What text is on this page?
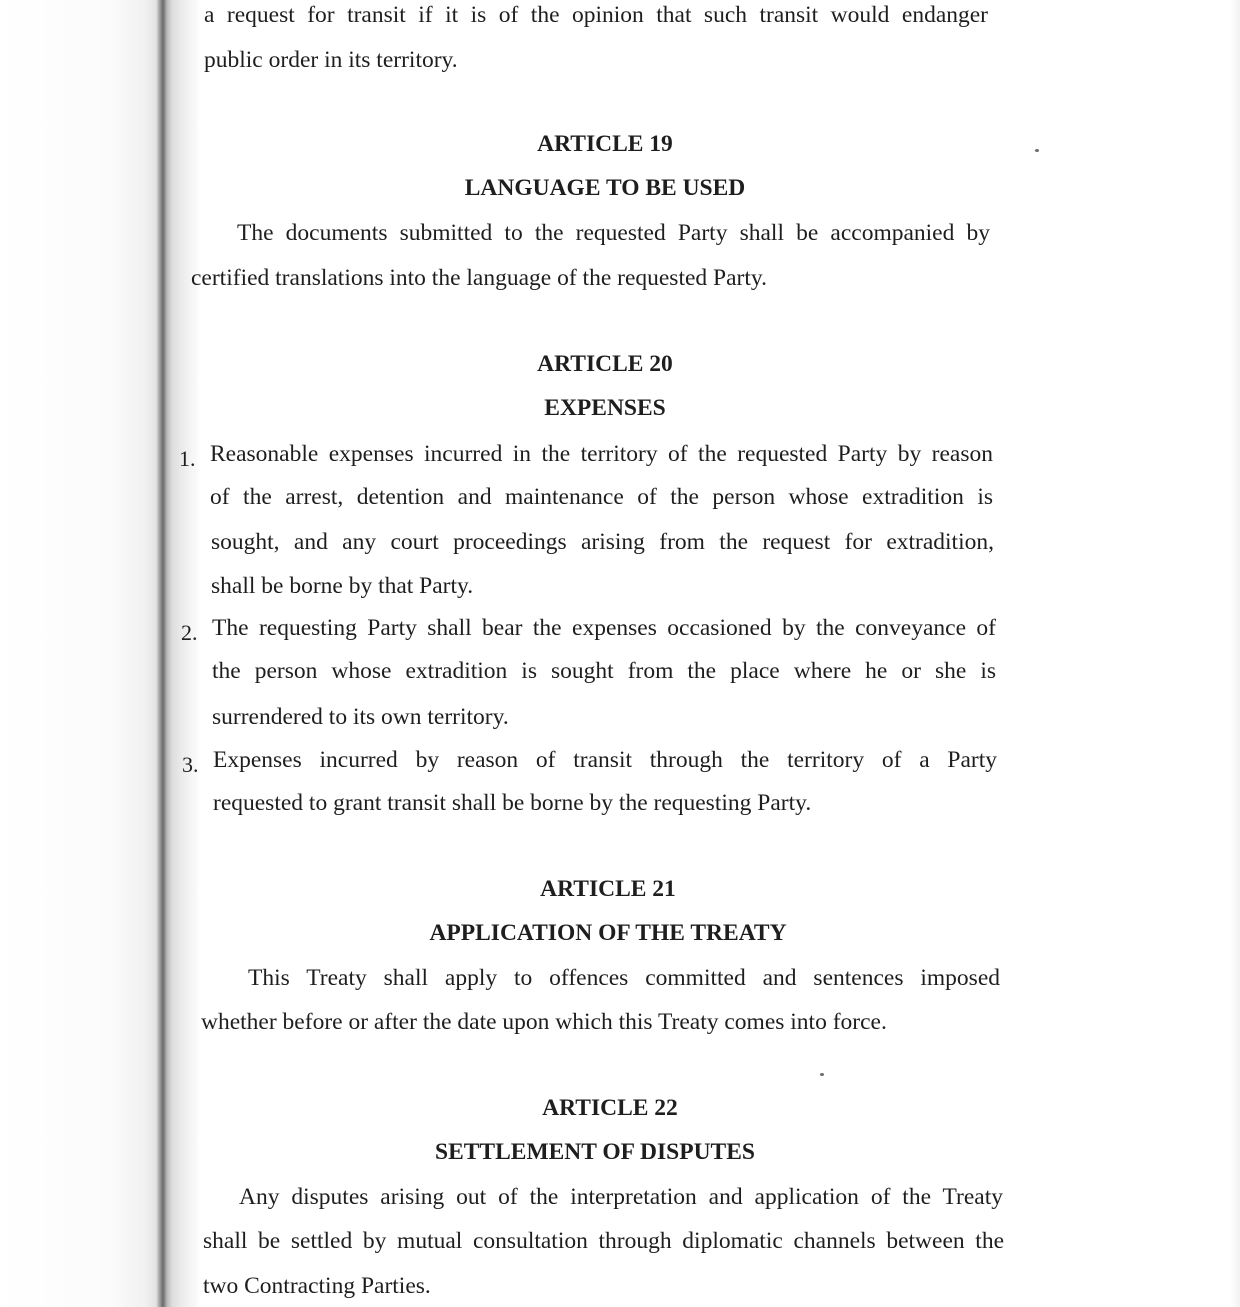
a request for transit if it is of the opinion that such transit would endanger
public order in its territory.
ARTICLE 19
LANGUAGE TO BE USED
The documents submitted to the requested Party shall be accompanied by
certified translations into the language of the requested Party.
ARTICLE 20
EXPENSES
1. Reasonable expenses incurred in the territory of the requested Party by reason
of the arrest, detention and maintenance of the person whose extradition is
sought, and any court proceedings arising from the request for extradition,
shall be borne by that Party.
2. The requesting Party shall bear the expenses occasioned by the conveyance of
the person whose extradition is sought from the place where he or she is
surrendered to its own territory.
3. Expenses incurred by reason of transit through the territory of a Party
requested to grant transit shall be borne by the requesting Party.
ARTICLE 21
APPLICATION OF THE TREATY
This Treaty shall apply to offences committed and sentences imposed
whether before or after the date upon which this Treaty comes into force.
ARTICLE 22
SETTLEMENT OF DISPUTES
Any disputes arising out of the interpretation and application of the Treaty
shall be settled by mutual consultation through diplomatic channels between the
two Contracting Parties.
